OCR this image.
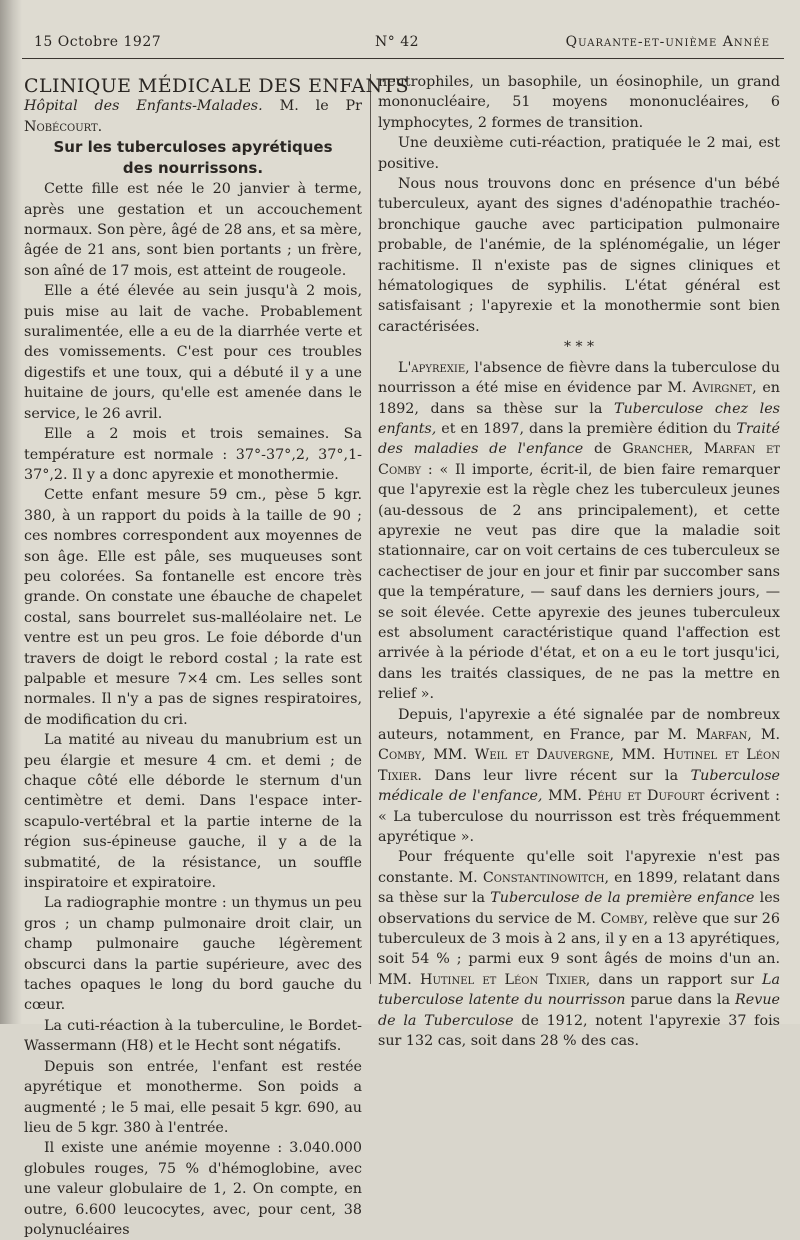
15 Octobre 1927	N° 42	Quarante-et-unième Année

CLINIQUE MÉDICALE DES ENFANTS

Hôpital des Enfants-Malades. M. le Pr Nobécourt.

Sur les tuberculoses apyrétiques
des nourrissons.

Cette fille est née le 20 janvier à terme, après une gestation et un accouchement normaux. Son père, âgé de 28 ans, et sa mère, âgée de 21 ans, sont bien portants ; un frère, son aîné de 17 mois, est atteint de rougeole.

Elle a été élevée au sein jusqu'à 2 mois, puis mise au lait de vache. Probablement suralimentée, elle a eu de la diarrhée verte et des vomissements. C'est pour ces troubles digestifs et une toux, qui a débuté il y a une huitaine de jours, qu'elle est amenée dans le service, le 26 avril.

Elle a 2 mois et trois semaines. Sa température est normale : 37°-37°,2, 37°,1-37°,2. Il y a donc apyrexie et monothermie.

Cette enfant mesure 59 cm., pèse 5 kgr. 380, à un rapport du poids à la taille de 90 ; ces nombres correspondent aux moyennes de son âge. Elle est pâle, ses muqueuses sont peu colorées. Sa fontanelle est encore très grande. On constate une ébauche de chapelet costal, sans bourrelet sus-malléolaire net. Le ventre est un peu gros. Le foie déborde d'un travers de doigt le rebord costal ; la rate est palpable et mesure 7×4 cm. Les selles sont normales. Il n'y a pas de signes respiratoires, de modification du cri.

La matité au niveau du manubrium est un peu élargie et mesure 4 cm. et demi ; de chaque côté elle déborde le sternum d'un centimètre et demi. Dans l'espace inter-scapulo-vertébral et la partie interne de la région sus-épineuse gauche, il y a de la submatité, de la résistance, un souffle inspiratoire et expiratoire.

La radiographie montre : un thymus un peu gros ; un champ pulmonaire droit clair, un champ pulmonaire gauche légèrement obscurci dans la partie supérieure, avec des taches opaques le long du bord gauche du cœur.

La cuti-réaction à la tuberculine, le Bordet-Wassermann (H8) et le Hecht sont négatifs.

Depuis son entrée, l'enfant est restée apyrétique et monotherme. Son poids a augmenté ; le 5 mai, elle pesait 5 kgr. 690, au lieu de 5 kgr. 380 à l'entrée.

Il existe une anémie moyenne : 3.040.000 globules rouges, 75 % d'hémoglobine, avec une valeur globulaire de 1, 2. On compte, en outre, 6.600 leucocytes, avec, pour cent, 38 polynucléaires

neutrophiles, un basophile, un éosinophile, un grand mononucléaire, 51 moyens mononucléaires, 6 lymphocytes, 2 formes de transition.

Une deuxième cuti-réaction, pratiquée le 2 mai, est positive.

Nous nous trouvons donc en présence d'un bébé tuberculeux, ayant des signes d'adénopathie trachéo-bronchique gauche avec participation pulmonaire probable, de l'anémie, de la splénomégalie, un léger rachitisme. Il n'existe pas de signes cliniques et hématologiques de syphilis. L'état général est satisfaisant ; l'apyrexie et la monothermie sont bien caractérisées.

* * *

L'apyrexie, l'absence de fièvre dans la tuberculose du nourrisson a été mise en évidence par M. Avirgnet, en 1892, dans sa thèse sur la Tuberculose chez les enfants, et en 1897, dans la première édition du Traité des maladies de l'enfance de Grancher, Marfan et Comby : « Il importe, écrit-il, de bien faire remarquer que l'apyrexie est la règle chez les tuberculeux jeunes (au-dessous de 2 ans principalement), et cette apyrexie ne veut pas dire que la maladie soit stationnaire, car on voit certains de ces tuberculeux se cachectiser de jour en jour et finir par succomber sans que la température, — sauf dans les derniers jours, — se soit élevée. Cette apyrexie des jeunes tuberculeux est absolument caractéristique quand l'affection est arrivée à la période d'état, et on a eu le tort jusqu'ici, dans les traités classiques, de ne pas la mettre en relief ».

Depuis, l'apyrexie a été signalée par de nombreux auteurs, notamment, en France, par M. Marfan, M. Comby, MM. Weil et Dauvergne, MM. Hutinel et Léon Tixier. Dans leur livre récent sur la Tuberculose médicale de l'enfance, MM. Péhu et Dufourt écrivent : « La tuberculose du nourrisson est très fréquemment apyrétique ».

Pour fréquente qu'elle soit l'apyrexie n'est pas constante. M. Constantinowitch, en 1899, relatant dans sa thèse sur la Tuberculose de la première enfance les observations du service de M. Comby, relève que sur 26 tuberculeux de 3 mois à 2 ans, il y en a 13 apyrétiques, soit 54 % ; parmi eux 9 sont âgés de moins d'un an. MM. Hutinel et Léon Tixier, dans un rapport sur La tuberculose latente du nourrisson parue dans la Revue de la Tuberculose de 1912, notent l'apyrexie 37 fois sur 132 cas, soit dans 28 % des cas.
